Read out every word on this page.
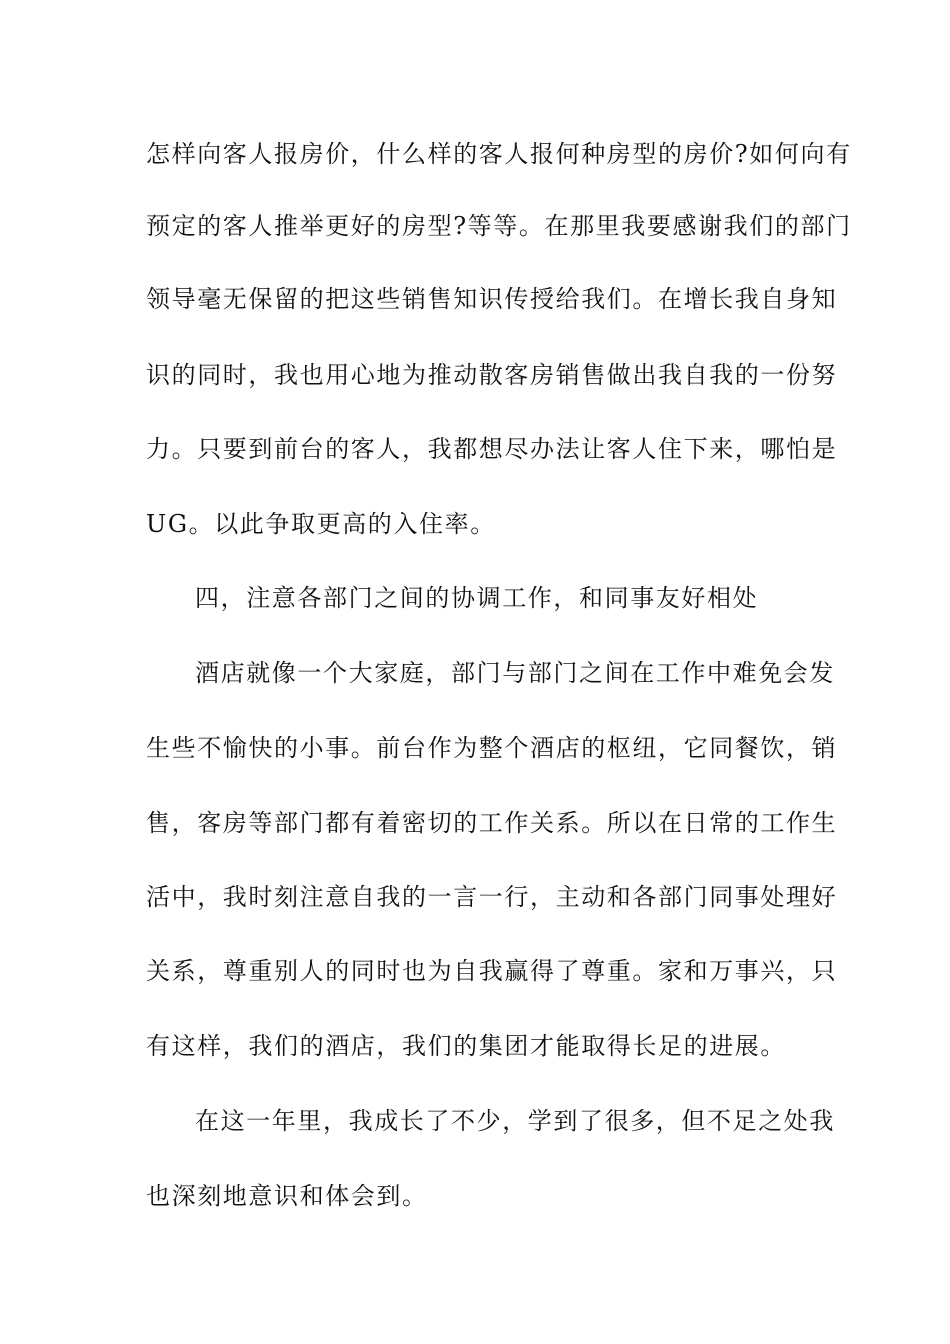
怎样向客人报房价，什么样的客人报何种房型的房价?如何向有
预定的客人推举更好的房型?等等。在那里我要感谢我们的部门
领导毫无保留的把这些销售知识传授给我们。在增长我自身知
识的同时，我也用心地为推动散客房销售做出我自我的一份努
力。只要到前台的客人，我都想尽办法让客人住下来，哪怕是
UG。以此争取更高的入住率。
四，注意各部门之间的协调工作，和同事友好相处
酒店就像一个大家庭，部门与部门之间在工作中难免会发
生些不愉快的小事。前台作为整个酒店的枢纽，它同餐饮，销
售，客房等部门都有着密切的工作关系。所以在日常的工作生
活中，我时刻注意自我的一言一行，主动和各部门同事处理好
关系，尊重别人的同时也为自我赢得了尊重。家和万事兴，只
有这样，我们的酒店，我们的集团才能取得长足的进展。
在这一年里，我成长了不少，学到了很多，但不足之处我
也深刻地意识和体会到。
